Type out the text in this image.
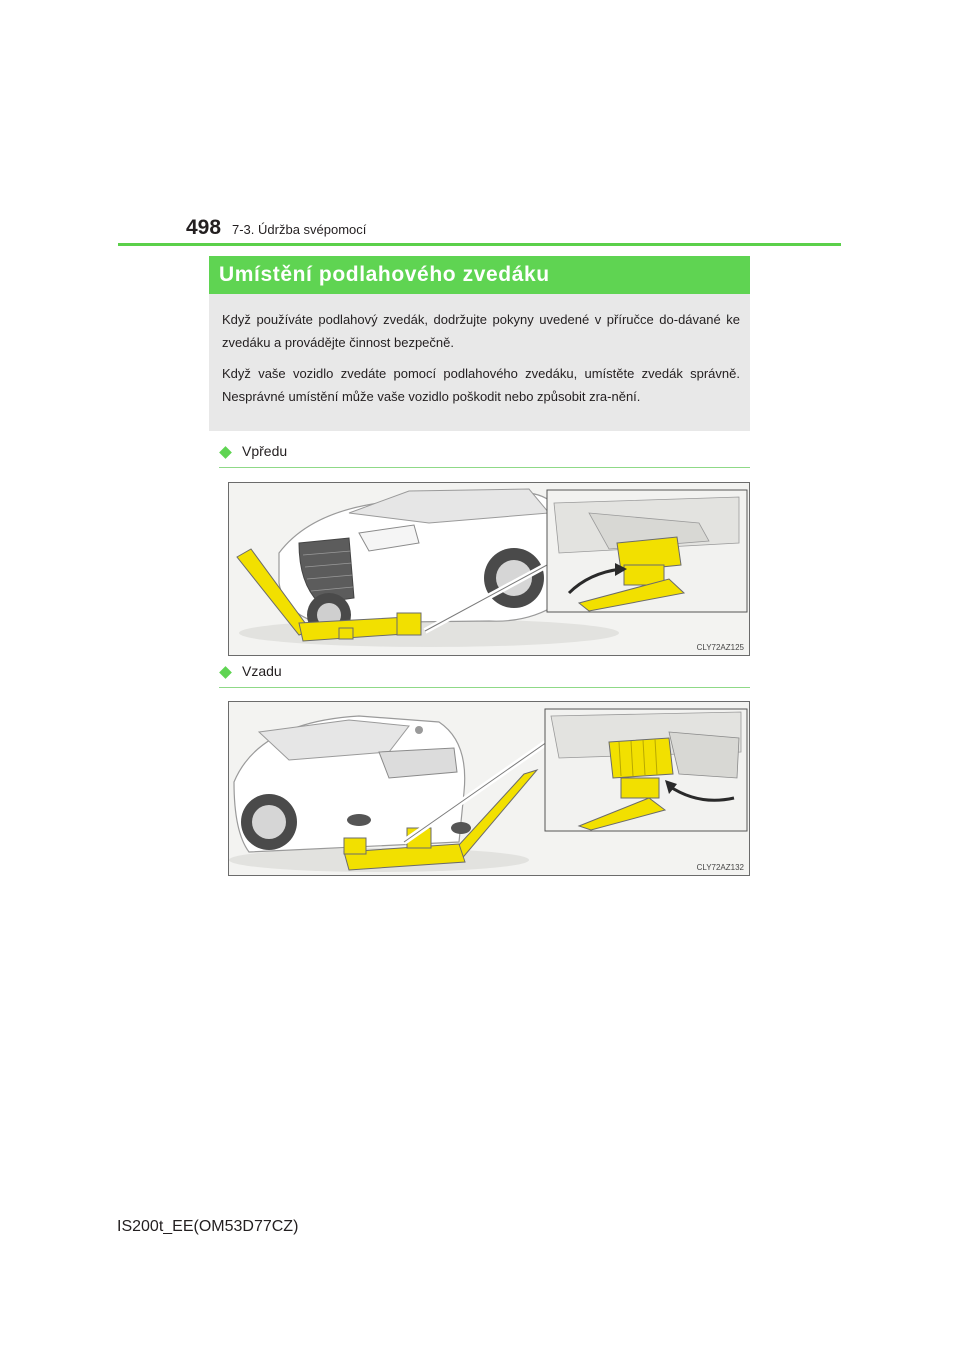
498 7-3. Údržba svépomocí
Umístění podlahového zvedáku

Když používáte podlahový zvedák, dodržujte pokyny uvedené v příručce do-dávané ke zvedáku a provádějte činnost bezpečně.

Když vaše vozidlo zvedáte pomocí podlahového zvedáku, umístěte zvedák správně. Nesprávné umístění může vaše vozidlo poškodit nebo způsobit zra-nění.

Vpředu
CLY72AZ125
Vzadu
CLY72AZ132
IS200t_EE(OM53D77CZ)
